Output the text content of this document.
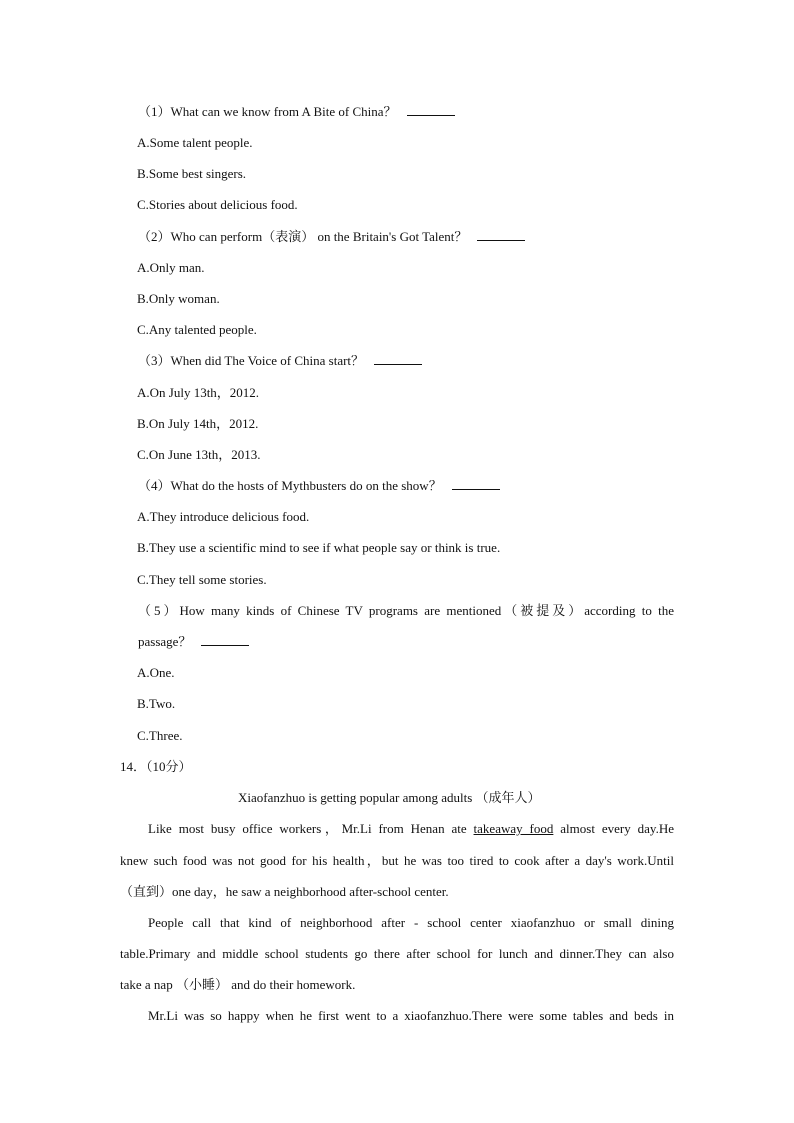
（1）What can we know from A Bite of China？
A.Some talent people.
B.Some best singers.
C.Stories about delicious food.
（2）Who can perform（表演） on the Britain's Got Talent？
A.Only man.
B.Only woman.
C.Any talented people.
（3）When did The Voice of China start？
A.On July 13th，2012.
B.On July 14th，2012.
C.On June 13th，2013.
（4）What do the hosts of Mythbusters do on the show？
A.They introduce delicious food.
B.They use a scientific mind to see if what people say or think is true.
C.They tell some stories.
（5）How many kinds of Chinese TV programs are mentioned（被提及）according to the
passage？
A.One.
B.Two.
C.Three.
14．（10分）
Xiaofanzhuo is getting popular among adults （成年人）
Like most busy office workers，Mr.Li from Henan ate takeaway food almost every day.He
knew such food was not good for his health，but he was too tired to cook after a day's work.Until
（直到）one day，he saw a neighborhood after-school center.
People call that kind of neighborhood after - school center xiaofanzhuo or small dining
table.Primary and middle school students go there after school for lunch and dinner.They can also
take a nap （小睡） and do their homework.
Mr.Li was so happy when he first went to a xiaofanzhuo.There were some tables and beds in
